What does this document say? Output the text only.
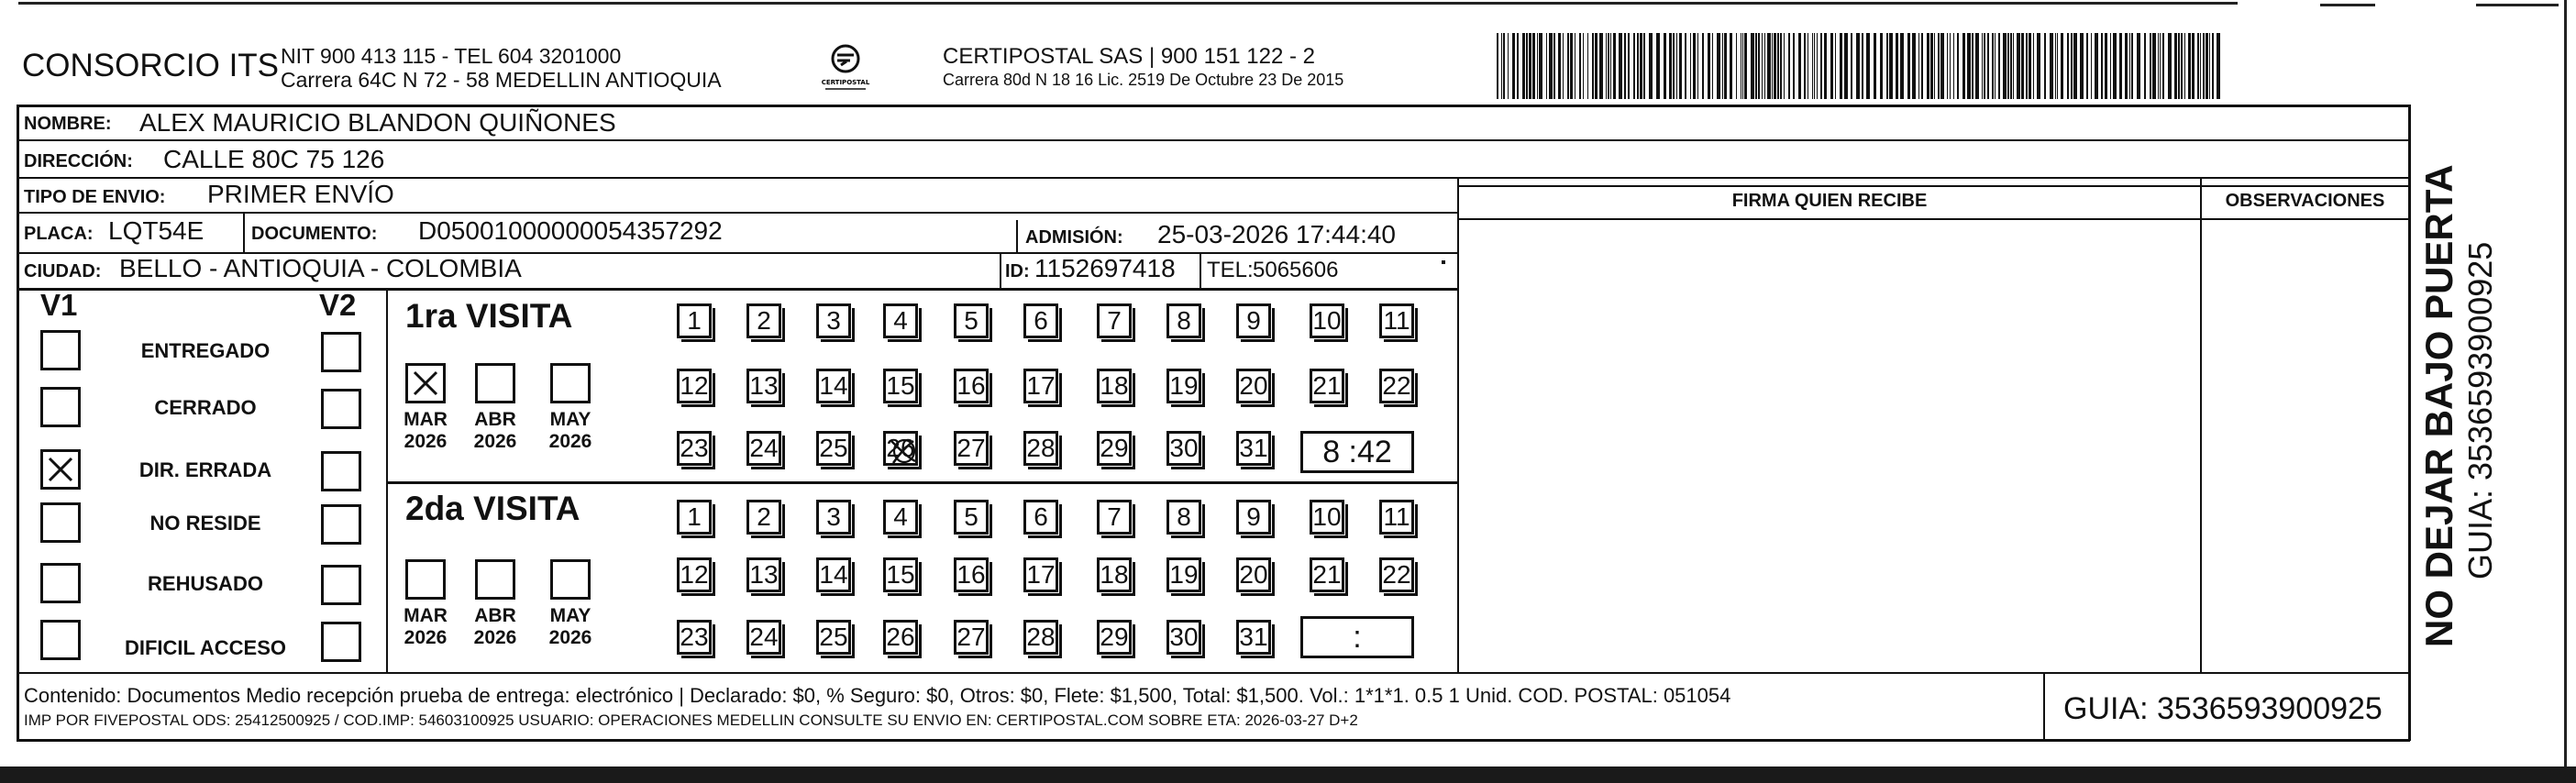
CONSORCIO ITS NIT 900 413 115 - TEL 604 3201000
Carrera 64C N 72 - 58 MEDELLIN ANTIOQUIA	CERTIPOSTAL
CERTIPOSTAL SAS | 900 151 122 - 2
Carrera 80d N 18 16 Lic. 2519 De Octubre 23 De 2015
NOMBRE: ALEX MAURICIO BLANDON QUIÑONES
DIRECCIÓN: CALLE 80C 75 126
TIPO DE ENVIO: PRIMER ENVÍO
PLACA: LQT54E	DOCUMENTO: D05001000000054357292	ADMISIÓN: 25-03-2026 17:44:40
CIUDAD: BELLO - ANTIOQUIA - COLOMBIA	ID: 1152697418 TEL: 5065606
FIRMA QUIEN RECIBE	OBSERVACIONES
V1	V2
ENTREGADO
CERRADO
DIR. ERRADA
NO RESIDE
REHUSADO
DIFICIL ACCESO
1ra VISITA
MAR
2026
ABR
2026
MAY
2026
1	2	3	4	5	6	7	8	9	10 11
12 13 14 15 16 17 18 19 20 21 22
23 24 25 26 27 28 29 30 31	8 :42
2da VISITA
MAR
2026
ABR
2026
MAY
2026
1	2	3	4	5	6	7	8	9	10 11
12 13 14 15 16 17 18 19 20 21 22
23 24 25 26 27 28 29 30 31	:
Contenido: Documentos Medio recepción prueba de entrega: electrónico | Declarado: $0, % Seguro: $0, Otros: $0, Flete: $1,500, Total: $1,500. Vol.: 1*1*1. 0.5 1 Unid. COD. POSTAL: 051054
IMP POR FIVEPOSTAL ODS: 25412500925 / COD.IMP: 54603100925 USUARIO: OPERACIONES MEDELLIN CONSULTE SU ENVIO EN: CERTIPOSTAL.COM SOBRE ETA: 2026-03-27 D+2	GUIA: 3536593900925
NO DEJAR BAJO PUERTA GUIA: 3536593900925
